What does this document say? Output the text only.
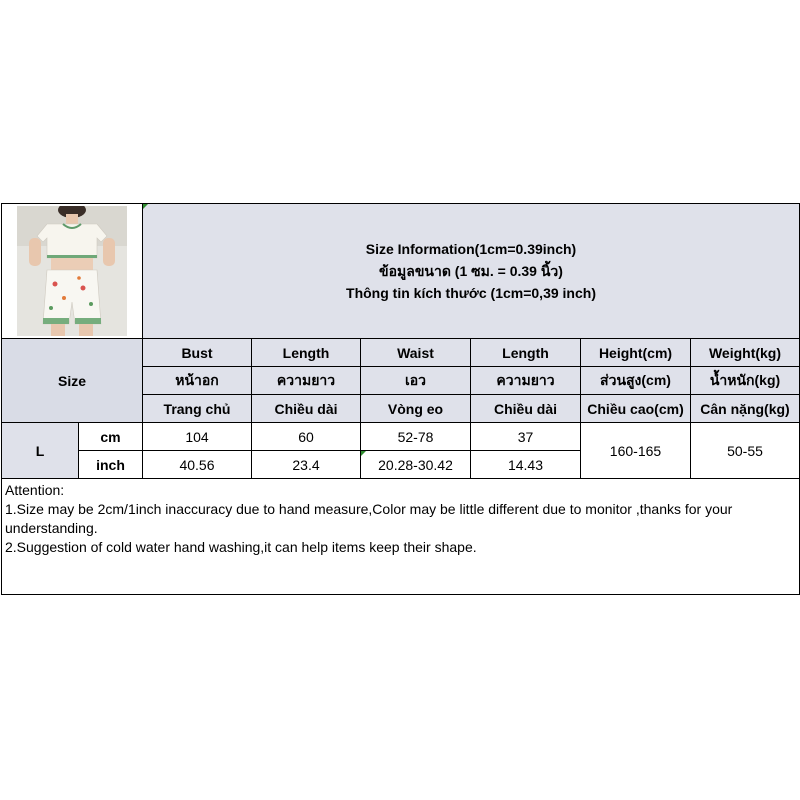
Size Information(1cm=0.39inch)
ข้อมูลขนาด (1 ซม. = 0.39 นิ้ว)
Thông tin kích thước (1cm=0,39 inch)					

Size		Bust	Length	Waist	Length	Height(cm)	Weight(kg)
		หน้าอก	ความยาว	เอว	ความยาว	ส่วนสูง(cm)	น้ำหนัก(kg)
		Trang chủ	Chiều dài	Vòng eo	Chiều dài	Chiều cao(cm)	Cân nặng(kg)
L	cm	104	60	52-78	37	160-165	50-55
	inch	40.56	23.4	20.28-30.42	14.43		

Attention:
1.Size may be 2cm/1inch inaccuracy due to hand measure,Color may be little different due to monitor ,thanks for your understanding.
2.Suggestion of cold water hand washing,it can help items keep their shape.							
